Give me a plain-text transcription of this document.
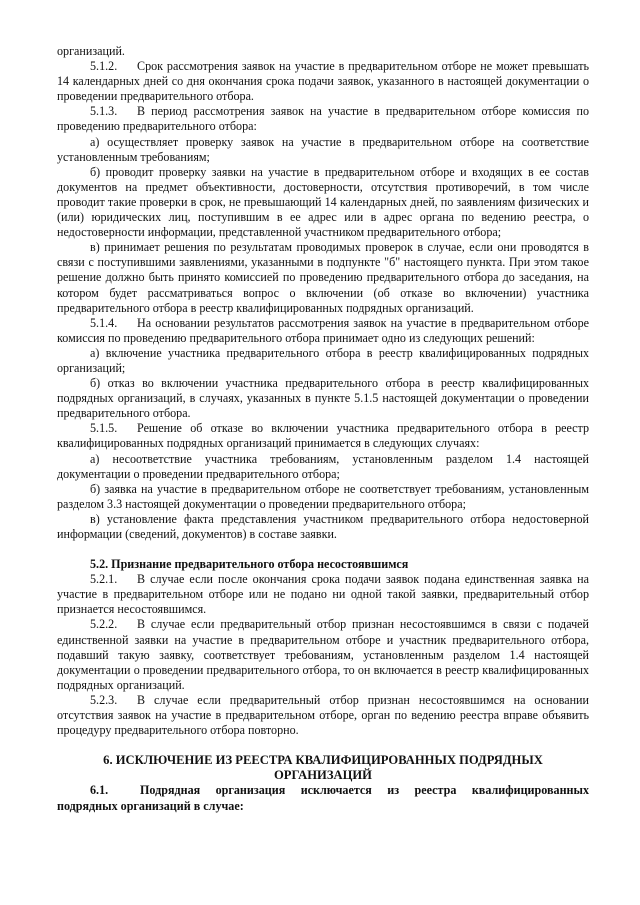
организаций.

5.1.2. Срок рассмотрения заявок на участие в предварительном отборе не может превышать 14 календарных дней со дня окончания срока подачи заявок, указанного в настоящей документации о проведении предварительного отбора.

5.1.3. В период рассмотрения заявок на участие в предварительном отборе комиссия по проведению предварительного отбора:

а) осуществляет проверку заявок на участие в предварительном отборе на соответствие установленным требованиям;

б) проводит проверку заявки на участие в предварительном отборе и входящих в ее состав документов на предмет объективности, достоверности, отсутствия противоречий, в том числе проводит такие проверки в срок, не превышающий 14 календарных дней, по заявлениям физических и (или) юридических лиц, поступившим в ее адрес или в адрес органа по ведению реестра, о недостоверности информации, представленной участником предварительного отбора;

в) принимает решения по результатам проводимых проверок в случае, если они проводятся в связи с поступившими заявлениями, указанными в подпункте "б" настоящего пункта. При этом такое решение должно быть принято комиссией по проведению предварительного отбора до заседания, на котором будет рассматриваться вопрос о включении (об отказе во включении) участника предварительного отбора в реестр квалифицированных подрядных организаций.

5.1.4. На основании результатов рассмотрения заявок на участие в предварительном отборе комиссия по проведению предварительного отбора принимает одно из следующих решений:

а) включение участника предварительного отбора в реестр квалифицированных подрядных организаций;

б) отказ во включении участника предварительного отбора в реестр квалифицированных подрядных организаций, в случаях, указанных в пункте 5.1.5 настоящей документации о проведении предварительного отбора.

5.1.5. Решение об отказе во включении участника предварительного отбора в реестр квалифицированных подрядных организаций принимается в следующих случаях:

а) несоответствие участника требованиям, установленным разделом 1.4 настоящей документации о проведении предварительного отбора;

б) заявка на участие в предварительном отборе не соответствует требованиям, установленным разделом 3.3 настоящей документации о проведении предварительного отбора;

в) установление факта представления участником предварительного отбора недостоверной информации (сведений, документов) в составе заявки.

5.2. Признание предварительного отбора несостоявшимся

5.2.1. В случае если после окончания срока подачи заявок подана единственная заявка на участие в предварительном отборе или не подано ни одной такой заявки, предварительный отбор признается несостоявшимся.

5.2.2. В случае если предварительный отбор признан несостоявшимся в связи с подачей единственной заявки на участие в предварительном отборе и участник предварительного отбора, подавший такую заявку, соответствует требованиям, установленным разделом 1.4 настоящей документации о проведении предварительного отбора, то он включается в реестр квалифицированных подрядных организаций.

5.2.3. В случае если предварительный отбор признан несостоявшимся на основании отсутствия заявок на участие в предварительном отборе, орган по ведению реестра вправе объявить процедуру предварительного отбора повторно.

6. ИСКЛЮЧЕНИЕ ИЗ РЕЕСТРА КВАЛИФИЦИРОВАННЫХ ПОДРЯДНЫХ

ОРГАНИЗАЦИЙ

6.1.	Подрядная организация исключается из реестра квалифицированных подрядных организаций в случае:
